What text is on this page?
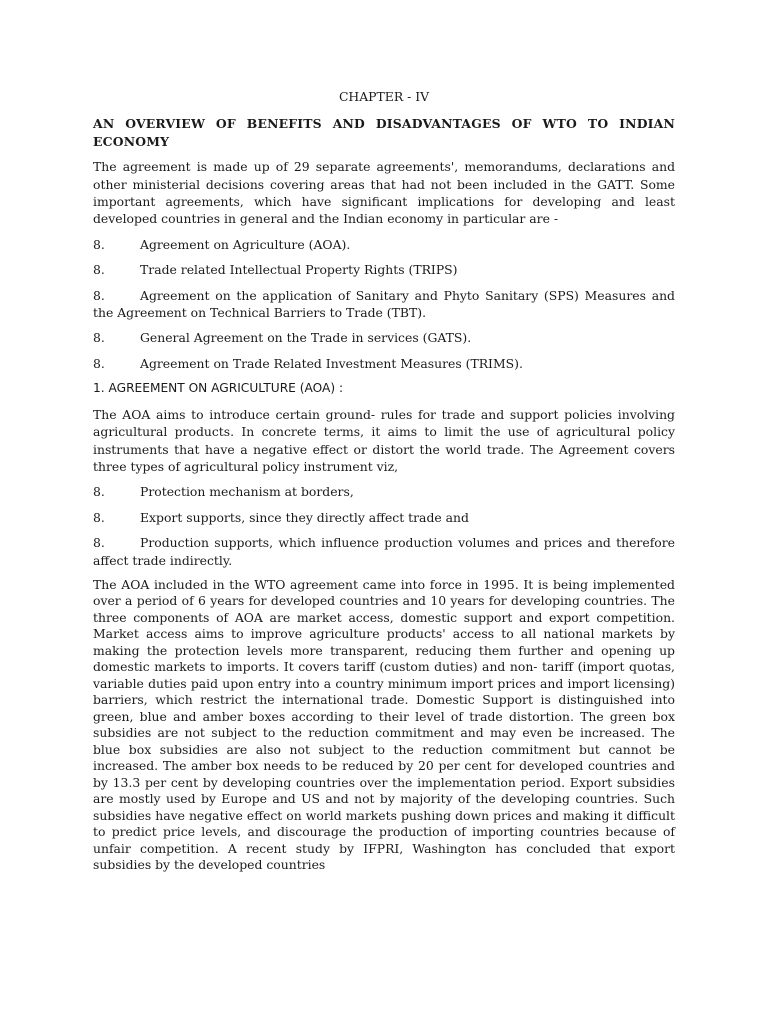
CHAPTER - IV
AN OVERVIEW OF BENEFITS AND DISADVANTAGES OF WTO TO INDIAN ECONOMY

The agreement is made up of 29 separate agreements', memorandums, declarations and other ministerial decisions covering areas that had not been included in the GATT. Some important agreements, which have significant implications for developing and least developed countries in general and the Indian economy in particular are -

8.	Agreement on Agriculture (AOA).
8.	Trade related Intellectual Property Rights (TRIPS)
8.	Agreement on the application of Sanitary and Phyto Sanitary (SPS) Measures and the Agreement on Technical Barriers to Trade (TBT).
8.	General Agreement on the Trade in services (GATS).
8.	Agreement on Trade Related Investment Measures (TRIMS).
1. AGREEMENT ON AGRICULTURE (AOA) :

The AOA aims to introduce certain ground- rules for trade and support policies involving agricultural products. In concrete terms, it aims to limit the use of agricultural policy instruments that have a negative effect or distort the world trade. The Agreement covers three types of agricultural policy instrument viz,

8.	Protection mechanism at borders,
8.	Export supports, since they directly affect trade and
8.	Production supports, which influence production volumes and prices and therefore affect trade indirectly.

The AOA included in the WTO agreement came into force in 1995. It is being implemented over a period of 6 years for developed countries and 10 years for developing countries. The three components of AOA are market access, domestic support and export competition. Market access aims to improve agriculture products' access to all national markets by making the protection levels more transparent, reducing them further and opening up domestic markets to imports. It covers tariff (custom duties) and non- tariff (import quotas, variable duties paid upon entry into a country minimum import prices and import licensing) barriers, which restrict the international trade. Domestic Support is distinguished into green, blue and amber boxes according to their level of trade distortion. The green box subsidies are not subject to the reduction commitment and may even be increased. The blue box subsidies are also not subject to the reduction commitment but cannot be increased. The amber box needs to be reduced by 20 per cent for developed countries and by 13.3 per cent by developing countries over the implementation period. Export subsidies are mostly used by Europe and US and not by majority of the developing countries. Such subsidies have negative effect on world markets pushing down prices and making it difficult to predict price levels, and discourage the production of importing countries because of unfair competition. A recent study by IFPRI, Washington has concluded that export subsidies by the developed countries
